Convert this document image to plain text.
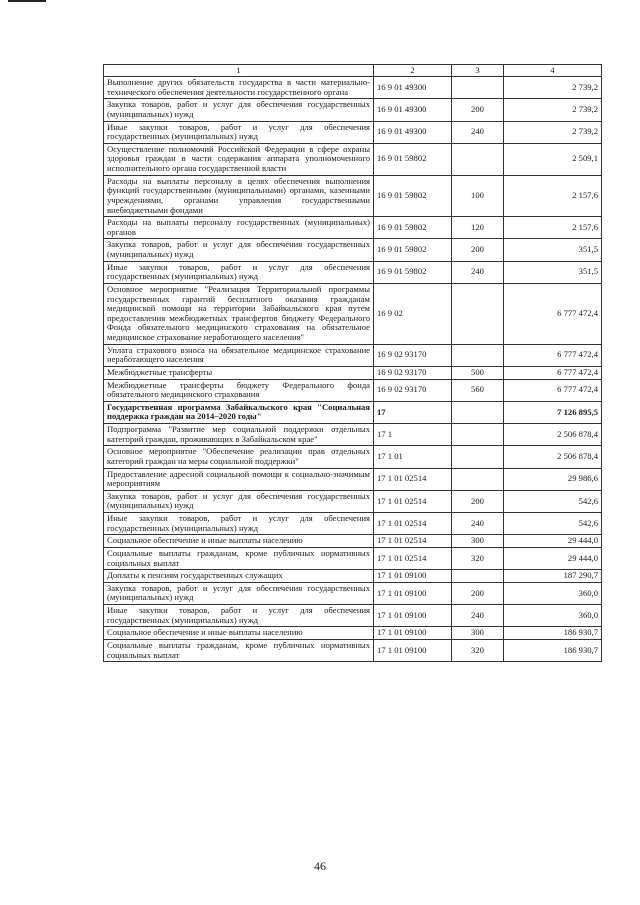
1	2	3	4
Выполнение других обязательств государства в части материально-технического обеспечения деятельности государственного органа	16 9 01 49300		2 739,2
Закупка товаров, работ и услуг для обеспечения государственных (муниципальных) нужд	16 9 01 49300	200	2 739,2
Иные закупки товаров, работ и услуг для обеспечения государственных (муниципальных) нужд	16 9 01 49300	240	2 739,2
Осуществление полномочий Российской Федерации в сфере охраны здоровья граждан в части содержания аппарата уполномоченного исполнительного органа государственной власти	16 9 01 59802		2 509,1
Расходы на выплаты персоналу в целях обеспечения выполнения функций государственными (муниципальными) органами, казенными учреждениями, органами управления государственными внебюджетными фондами	16 9 01 59802	100	2 157,6
Расходы на выплаты персоналу государственных (муниципальных) органов	16 9 01 59802	120	2 157,6
Закупка товаров, работ и услуг для обеспечения государственных (муниципальных) нужд	16 9 01 59802	200	351,5
Иные закупки товаров, работ и услуг для обеспечения государственных (муниципальных) нужд	16 9 01 59802	240	351,5
Основное мероприятие "Реализация Территориальной программы государственных гарантий бесплатного оказания гражданам медицинской помощи на территории Забайкальского края путем предоставления межбюджетных трансфертов бюджету Федерального Фонда обязательного медицинского страхования на обязательное медицинское страхование неработающего населения"	16 9 02		6 777 472,4
Уплата страхового взноса на обязательное медицинское страхование неработающего населения	16 9 02 93170		6 777 472,4
Межбюджетные трансферты	16 9 02 93170	500	6 777 472,4
Межбюджетные трансферты бюджету Федерального фонда обязательного медицинского страхования	16 9 02 93170	560	6 777 472,4
Государственная программа Забайкальского края "Социальная поддержка граждан на 2014–2020 годы"	17		7 126 895,5
Подпрограмма "Развитие мер социальной поддержки отдельных категорий граждан, проживающих в Забайкальском крае"	17 1		2 506 878,4
Основное мероприятие "Обеспечение реализации прав отдельных категорий граждан на меры социальной поддержки"	17 1 01		2 506 878,4
Предоставление адресной социальной помощи к социально-значимым мероприятиям	17 1 01 02514		29 986,6
Закупка товаров, работ и услуг для обеспечения государственных (муниципальных) нужд	17 1 01 02514	200	542,6
Иные закупки товаров, работ и услуг для обеспечения государственных (муниципальных) нужд	17 1 01 02514	240	542,6
Социальное обеспечение и иные выплаты населению	17 1 01 02514	300	29 444,0
Социальные выплаты гражданам, кроме публичных нормативных социальных выплат	17 1 01 02514	320	29 444,0
Доплаты к пенсиям государственных служащих	17 1 01 09100		187 290,7
Закупка товаров, работ и услуг для обеспечения государственных (муниципальных) нужд	17 1 01 09100	200	360,0
Иные закупки товаров, работ и услуг для обеспечения государственных (муниципальных) нужд	17 1 01 09100	240	360,0
Социальное обеспечение и иные выплаты населению	17 1 01 09100	300	186 930,7
Социальные выплаты гражданам, кроме публичных нормативных социальных выплат	17 1 01 09100	320	186 930,7
46
